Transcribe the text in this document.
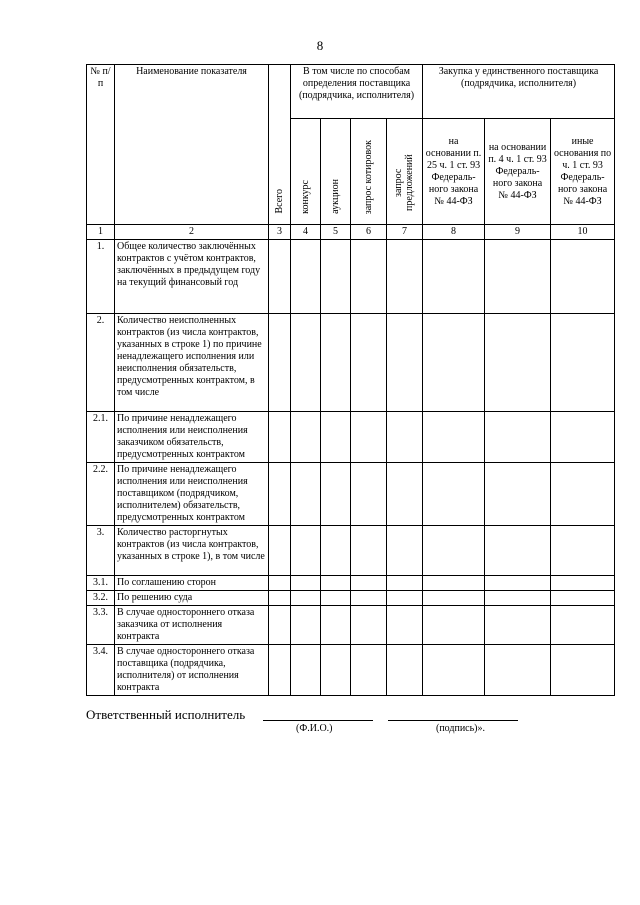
8
№ п/п	Наименование показателя	Всего	В том числе по способам определения поставщика (подрядчика, исполнителя)				Закупка у единственного поставщика (подрядчика, исполнителя)		
			конкурс	аукцион	запрос котировок	запрос предложений	на основании п. 25 ч. 1 ст. 93 Федераль-ного закона № 44-ФЗ	на основании п. 4 ч. 1 ст. 93 Федераль-ного закона № 44-ФЗ	иные основания по ч. 1 ст. 93 Федераль-ного закона № 44-ФЗ
1	2	3	4	5	6	7	8	9	10
1.	Общее количество заключённых контрактов с учётом контрактов, заключённых в предыдущем году на текущий финансовый год								
2.	Количество неисполненных контрактов (из числа контрактов, указанных в строке 1) по причине ненадлежащего исполнения или неисполнения обязательств, предусмотренных контрактом, в том числе								
2.1.	По причине ненадлежащего исполнения или неисполнения заказчиком обязательств, предусмотренных контрактом								
2.2.	По причине ненадлежащего исполнения или неисполнения поставщиком (подрядчиком, исполнителем) обязательств, предусмотренных контрактом								
3.	Количество расторгнутых контрактов (из числа контрактов, указанных в строке 1), в том числе								
3.1.	По соглашению сторон								
3.2.	По решению суда								
3.3.	В случае одностороннего отказа заказчика от исполнения контракта								
3.4.	В случае одностороннего отказа поставщика (подрядчика, исполнителя) от исполнения контракта								
Ответственный исполнитель
(Ф.И.О.)	(подпись)».
